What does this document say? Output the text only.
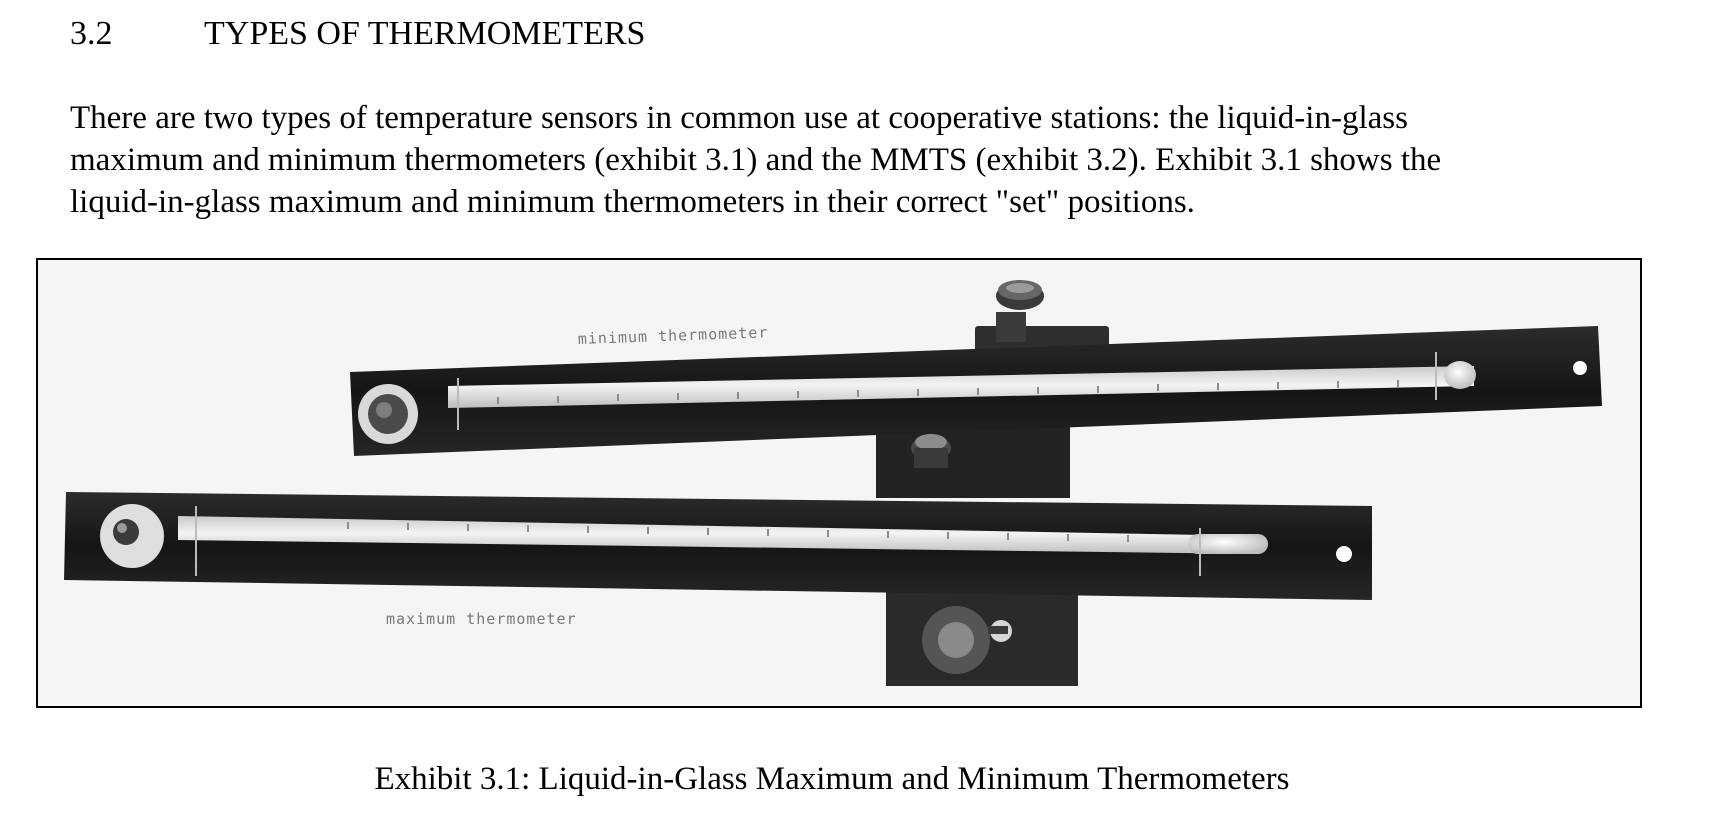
3.2	TYPES OF THERMOMETERS

There are two types of temperature sensors in common use at cooperative stations: the liquid-in-glass
maximum and minimum thermometers (exhibit 3.1) and the MMTS (exhibit 3.2). Exhibit 3.1 shows the
liquid-in-glass maximum and minimum thermometers in their correct "set" positions.

minimum thermometer
maximum thermometer
Exhibit 3.1: Liquid-in-Glass Maximum and Minimum Thermometers
